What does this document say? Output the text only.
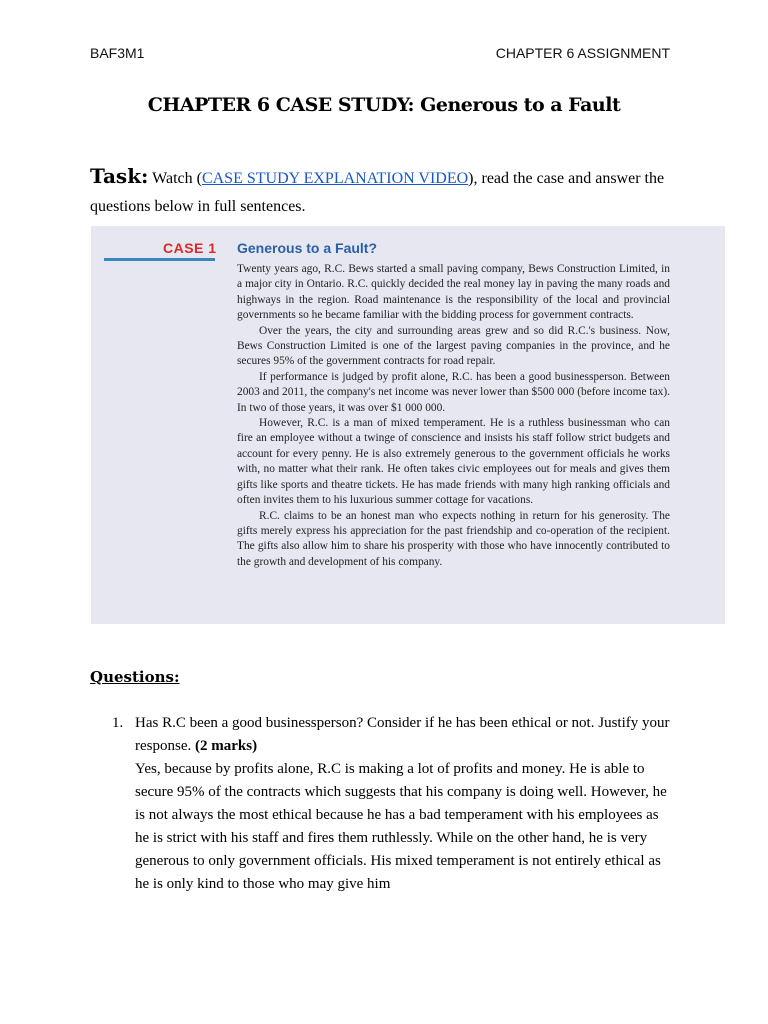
BAF3M1	CHAPTER 6 ASSIGNMENT
CHAPTER 6 CASE STUDY: Generous to a Fault
Task: Watch (CASE STUDY EXPLANATION VIDEO), read the case and answer the questions below in full sentences.
CASE 1 Generous to a Fault?

Twenty years ago, R.C. Bews started a small paving company, Bews Construction Limited, in a major city in Ontario. R.C. quickly decided the real money lay in paving the many roads and highways in the region. Road maintenance is the responsibility of the local and provincial governments so he became familiar with the bidding process for government contracts.

Over the years, the city and surrounding areas grew and so did R.C.'s business. Now, Bews Construction Limited is one of the largest paving companies in the province, and he secures 95% of the government contracts for road repair.

If performance is judged by profit alone, R.C. has been a good businessperson. Between 2003 and 2011, the company's net income was never lower than $500 000 (before income tax). In two of those years, it was over $1 000 000.

However, R.C. is a man of mixed temperament. He is a ruthless businessman who can fire an employee without a twinge of conscience and insists his staff follow strict budgets and account for every penny. He is also extremely generous to the government officials he works with, no matter what their rank. He often takes civic employees out for meals and gives them gifts like sports and theatre tickets. He has made friends with many high ranking officials and often invites them to his luxurious summer cottage for vacations.

R.C. claims to be an honest man who expects nothing in return for his generosity. The gifts merely express his appreciation for the past friendship and co-operation of the recipient. The gifts also allow him to share his prosperity with those who have innocently contributed to the growth and development of his company.

Questions:
1. Has R.C been a good businessperson? Consider if he has been ethical or not. Justify your response. (2 marks)

Yes, because by profits alone, R.C is making a lot of profits and money. He is able to secure 95% of the contracts which suggests that his company is doing well. However, he is not always the most ethical because he has a bad temperament with his employees as he is strict with his staff and fires them ruthlessly. While on the other hand, he is very generous to only government officials. His mixed temperament is not entirely ethical as he is only kind to those who may give him
